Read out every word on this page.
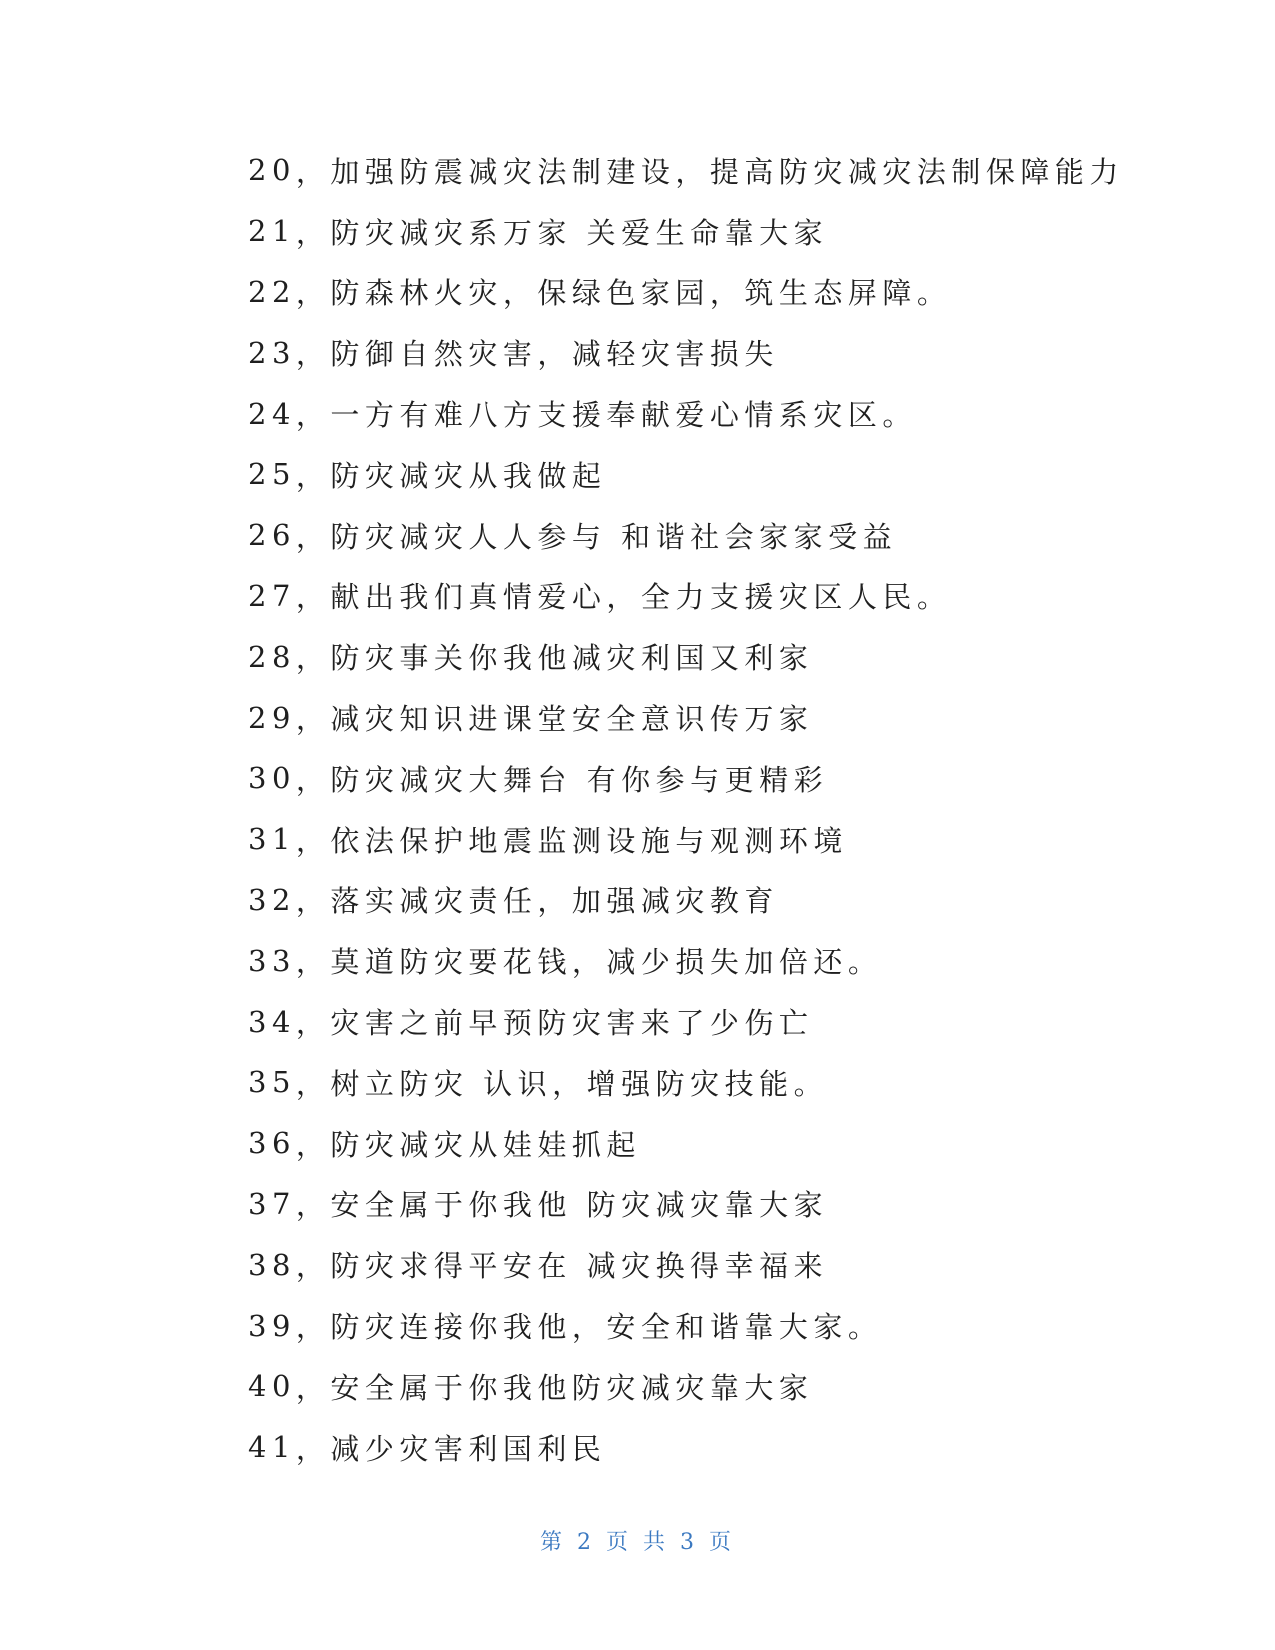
20 ， 加强防震减灾法制建设，提高防灾减灾法制保障能力
21 ， 防灾减灾系万家 关爱生命靠大家
22 ， 防森林火灾，保绿色家园，筑生态屏障。
23 ， 防御自然灾害，减轻灾害损失
24 ， 一方有难八方支援奉献爱心情系灾区。
25 ， 防灾减灾从我做起
26 ， 防灾减灾人人参与 和谐社会家家受益
27 ， 献出我们真情爱心，全力支援灾区人民。
28 ， 防灾事关你我他减灾利国又利家
29 ， 减灾知识进课堂安全意识传万家
30 ， 防灾减灾大舞台 有你参与更精彩
31 ， 依法保护地震监测设施与观测环境
32 ， 落实减灾责任，加强减灾教育
33 ， 莫道防灾要花钱，减少损失加倍还。
34 ， 灾害之前早预防灾害来了少伤亡
35 ， 树立防灾 认识，增强防灾技能。
36 ， 防灾减灾从娃娃抓起
37 ， 安全属于你我他 防灾减灾靠大家
38 ， 防灾求得平安在 减灾换得幸福来
39 ， 防灾连接你我他，安全和谐靠大家。
40 ， 安全属于你我他防灾减灾靠大家
41 ， 减少灾害利国利民
第 2 页 共 3 页
